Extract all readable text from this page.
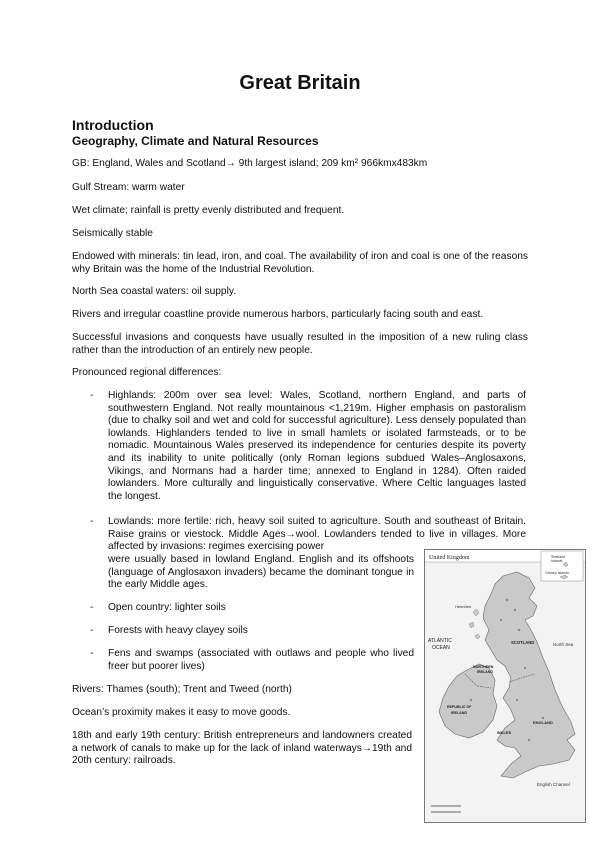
Great Britain
Introduction
Geography, Climate and Natural Resources
GB: England, Wales and Scotland→ 9th largest island; 209 km² 966kmx483km
Gulf Stream: warm water
Wet climate; rainfall is pretty evenly distributed and frequent.
Seismically stable
Endowed with minerals: tin lead, iron, and coal. The availability of iron and coal is one of the reasons why Britain was the home of the Industrial Revolution.
North Sea coastal waters: oil supply.
Rivers and irregular coastline provide numerous harbors, particularly facing south and east.
Successful invasions and conquests have usually resulted in the imposition of a new ruling class rather than the introduction of an entirely new people.
Pronounced regional differences:
- Highlands: 200m over sea level: Wales, Scotland, northern England, and parts of southwestern England. Not really mountainous <1,219m. Higher emphasis on pastoralism (due to chalky soil and wet and cold for successful agriculture). Less densely populated than lowlands. Highlanders tended to live in small hamlets or isolated farmsteads, or to be nomadic. Mountainous Wales preserved its independence for centuries despite its poverty and its inability to unite politically (only Roman legions subdued Wales–Anglosaxons, Vikings, and Normans had a harder time; annexed to England in 1284). Often raided lowlanders. More culturally and linguistically conservative. Where Celtic languages lasted the longest.
- Lowlands: more fertile: rich, heavy soil suited to agriculture. South and southeast of Britain. Raise grains or viestock. Middle Ages→wool. Lowlanders tended to live in villages. More affected by invasions: regimes exercising power
were usually based in lowland England. English and its offshoots (language of Anglosaxon invaders) became the dominant tongue in the early Middle ages.
- Open country: lighter soils
- Forests with heavy clayey soils
- Fens and swamps (associated with outlaws and people who lived freer but poorer lives)
Rivers: Thames (south); Trent and Tweed (north)
Ocean’s proximity makes it easy to move goods.
18th and early 19th century: British entrepreneurs and landowners created a network of canals to make up for the lack of inland waterways→19th and 20th century: railroads.
United Kingdom	Shetland
Islands
Orkney Islands
Hebrides
ATLANTIC
OCEAN
SCOTLAND	North Sea
NORTHERN
IRELAND
REPUBLIC OF
IRELAND
ENGLAND
WALES
English Channel
